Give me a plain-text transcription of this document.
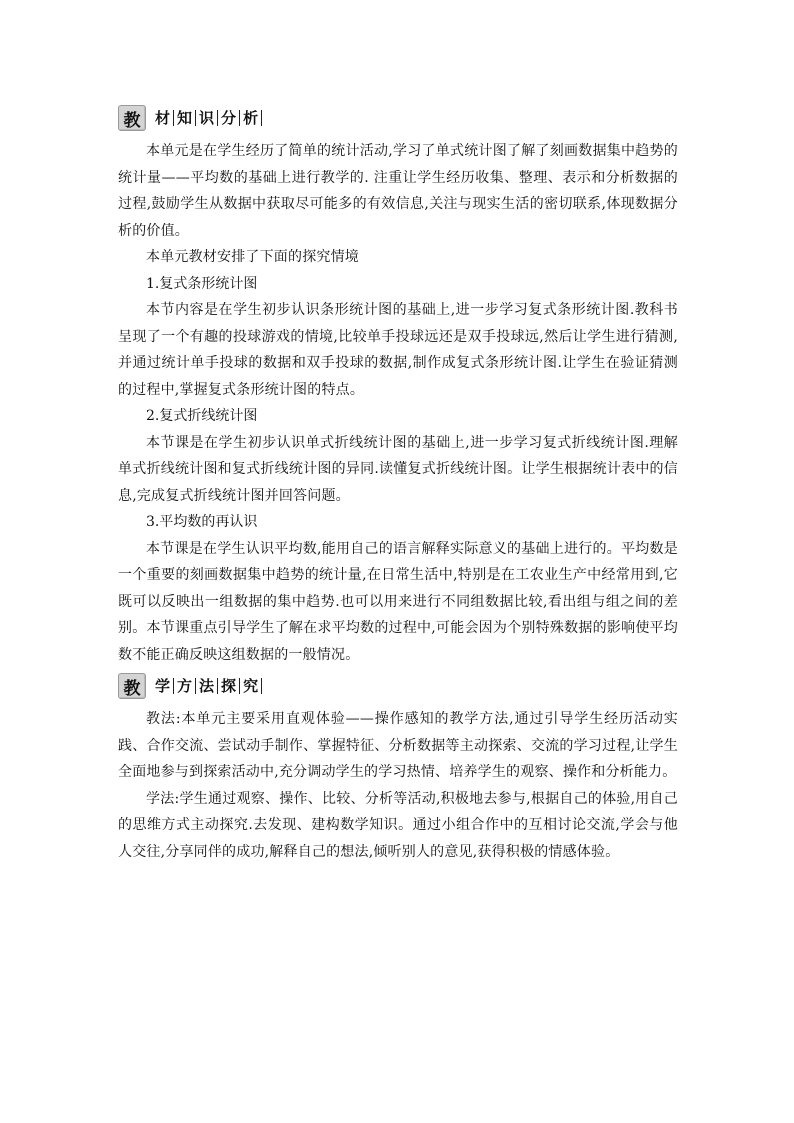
教 材 知 识 分 析

本单元是在学生经历了简单的统计活动,学习了单式统计图了解了刻画数据集中趋势的统计量——平均数的基础上进行教学的. 注重让学生经历收集、整理、表示和分析数据的过程,鼓励学生从数据中获取尽可能多的有效信息,关注与现实生活的密切联系,体现数据分析的价值。

本单元教材安排了下面的探究情境

1.复式条形统计图

本节内容是在学生初步认识条形统计图的基础上,进一步学习复式条形统计图.教科书呈现了一个有趣的投球游戏的情境,比较单手投球远还是双手投球远,然后让学生进行猜测,并通过统计单手投球的数据和双手投球的数据,制作成复式条形统计图.让学生在验证猜测的过程中,掌握复式条形统计图的特点。

2.复式折线统计图

本节课是在学生初步认识单式折线统计图的基础上,进一步学习复式折线统计图.理解单式折线统计图和复式折线统计图的异同.读懂复式折线统计图。让学生根据统计表中的信息,完成复式折线统计图并回答问题。

3.平均数的再认识

本节课是在学生认识平均数,能用自己的语言解释实际意义的基础上进行的。平均数是一个重要的刻画数据集中趋势的统计量,在日常生活中,特别是在工农业生产中经常用到,它既可以反映出一组数据的集中趋势.也可以用来进行不同组数据比较,看出组与组之间的差别。本节课重点引导学生了解在求平均数的过程中,可能会因为个别特殊数据的影响使平均数不能正确反映这组数据的一般情况。

教 学 方 法 探 究

教法:本单元主要采用直观体验——操作感知的教学方法,通过引导学生经历活动实践、合作交流、尝试动手制作、掌握特征、分析数据等主动探索、交流的学习过程,让学生全面地参与到探索活动中,充分调动学生的学习热情、培养学生的观察、操作和分析能力。

学法:学生通过观察、操作、比较、分析等活动,积极地去参与,根据自己的体验,用自己的思维方式主动探究.去发现、建构数学知识。通过小组合作中的互相讨论交流,学会与他人交往,分享同伴的成功,解释自己的想法,倾听别人的意见,获得积极的情感体验。
